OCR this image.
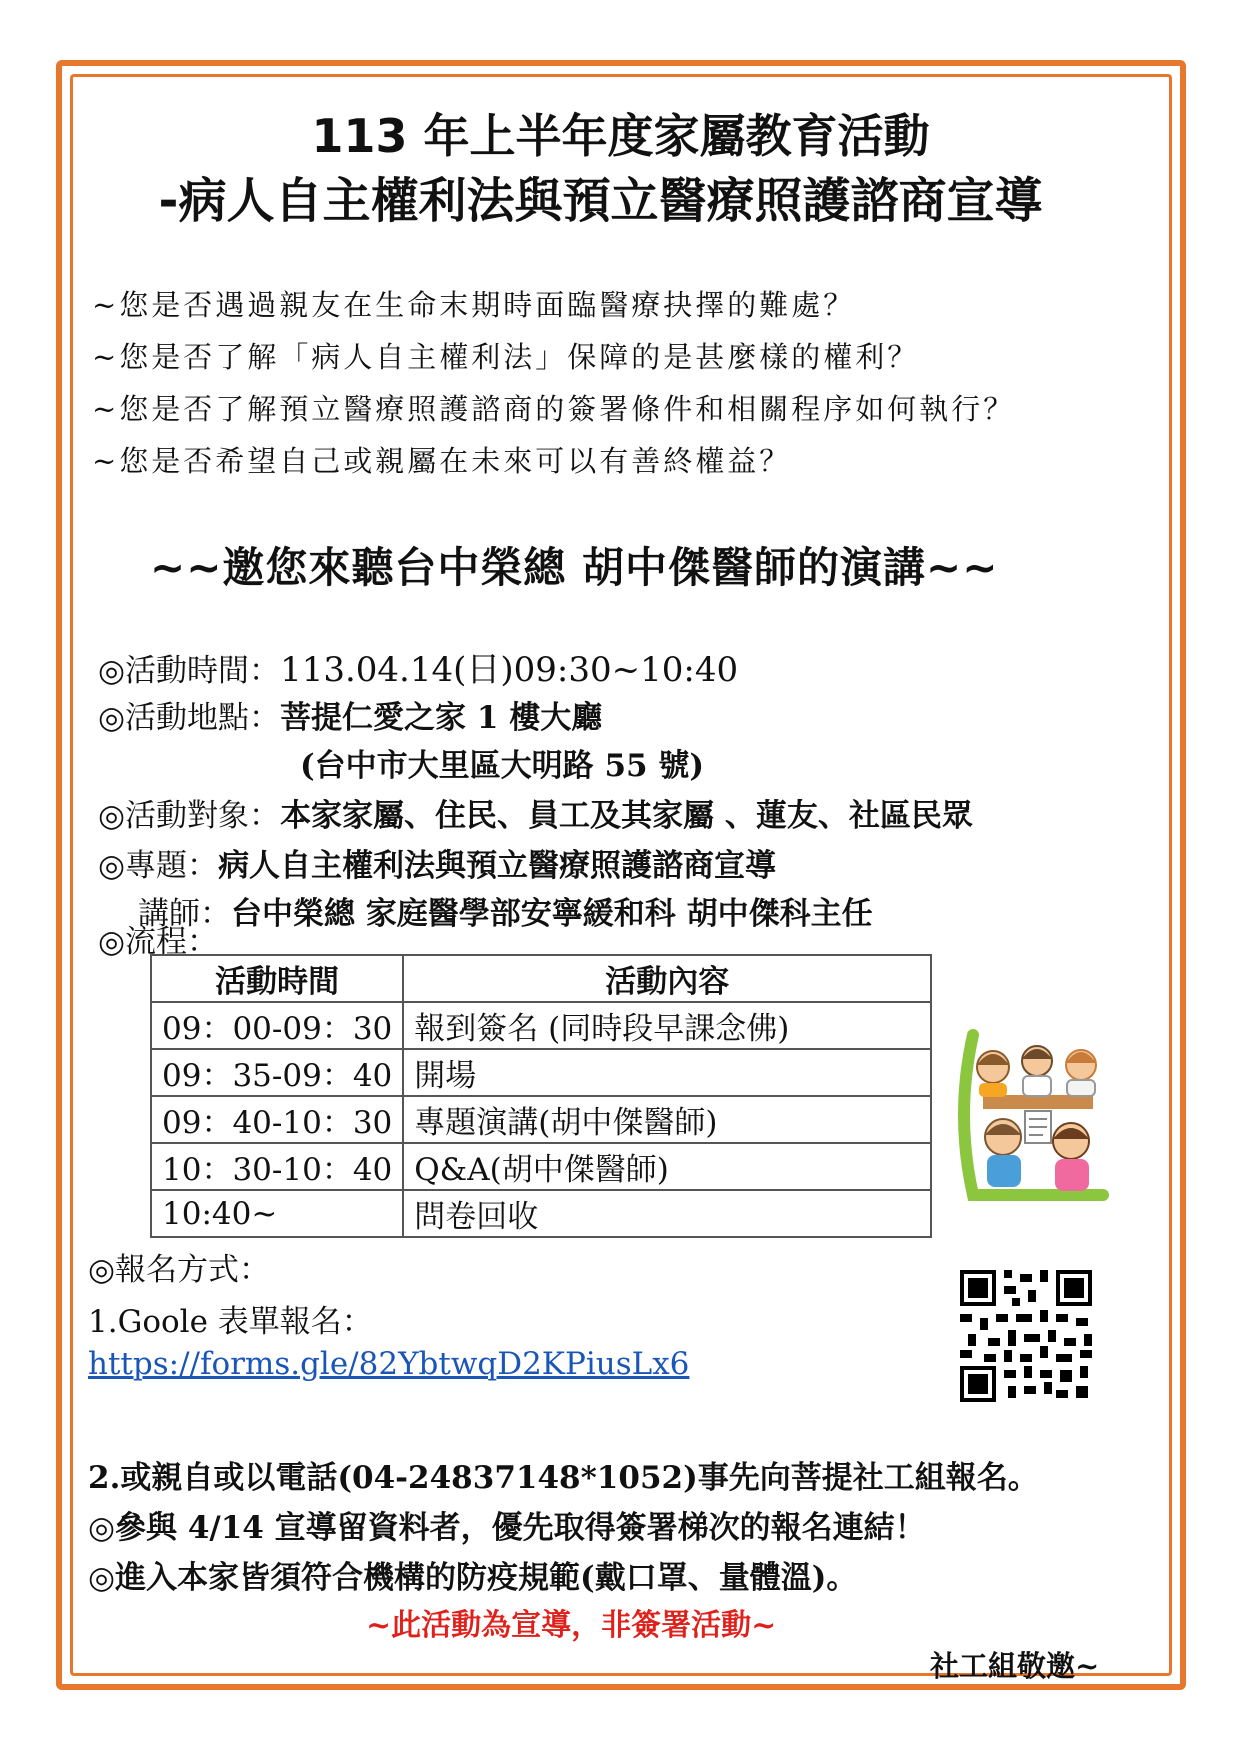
113 年上半年度家屬教育活動
-病人自主權利法與預立醫療照護諮商宣導
~您是否遇過親友在生命末期時面臨醫療抉擇的難處？
~您是否了解「病人自主權利法」保障的是甚麼樣的權利？
~您是否了解預立醫療照護諮商的簽署條件和相關程序如何執行？
~您是否希望自己或親屬在未來可以有善終權益？
~~邀您來聽台中榮總 胡中傑醫師的演講~~
◎活動時間：113.04.14(日)09:30~10:40
◎活動地點：菩提仁愛之家 1 樓大廳
(台中市大里區大明路 55 號)
◎活動對象：本家家屬、住民、員工及其家屬 、蓮友、社區民眾
◎專題：病人自主權利法與預立醫療照護諮商宣導
講師：台中榮總 家庭醫學部安寧緩和科 胡中傑科主任
◎流程：
活動時間	活動內容
09：00-09：30	報到簽名 (同時段早課念佛)
09：35-09：40	開場
09：40-10：30	專題演講(胡中傑醫師)
10：30-10：40	Q&A(胡中傑醫師)
10:40~	問卷回收
◎報名方式：
1.Goole 表單報名：
https://forms.gle/82YbtwqD2KPiusLx6
2.或親自或以電話(04-24837148*1052)事先向菩提社工組報名。
◎參與 4/14 宣導留資料者，優先取得簽署梯次的報名連結！
◎進入本家皆須符合機構的防疫規範(戴口罩、量體溫)。
~此活動為宣導，非簽署活動~
社工組敬邀~
